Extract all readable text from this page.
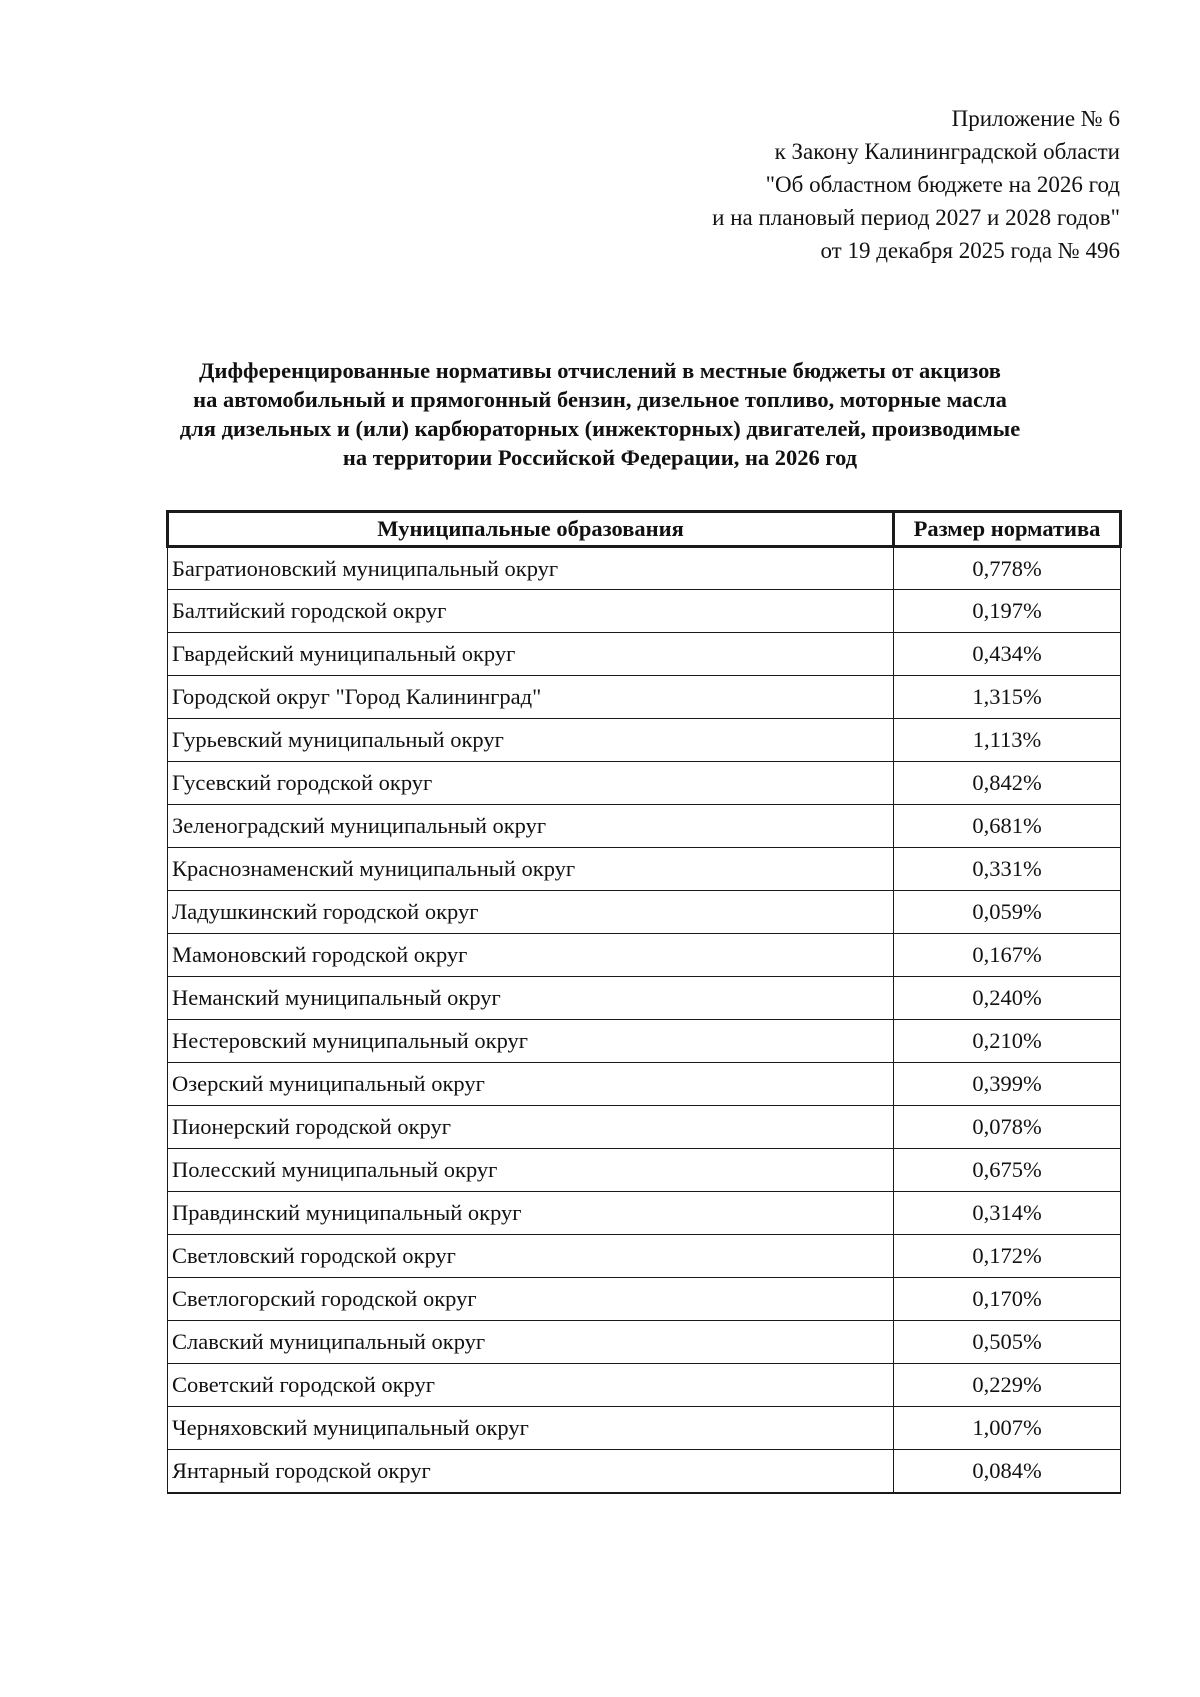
Приложение № 6
к Закону Калининградской области
"Об областном бюджете на 2026 год
и на плановый период 2027 и 2028 годов"
от 19 декабря 2025 года № 496
Дифференцированные нормативы отчислений в местные бюджеты от акцизов
на автомобильный и прямогонный бензин, дизельное топливо, моторные масла
для дизельных и (или) карбюраторных (инжекторных) двигателей, производимые
на территории Российской Федерации, на 2026 год
Муниципальные образования	Размер норматива
Багратионовский муниципальный округ	0,778%
Балтийский городской округ	0,197%
Гвардейский муниципальный округ	0,434%
Городской округ "Город Калининград"	1,315%
Гурьевский муниципальный округ	1,113%
Гусевский городской округ	0,842%
Зеленоградский муниципальный округ	0,681%
Краснознаменский муниципальный округ	0,331%
Ладушкинский городской округ	0,059%
Мамоновский городской округ	0,167%
Неманский муниципальный округ	0,240%
Нестеровский муниципальный округ	0,210%
Озерский муниципальный округ	0,399%
Пионерский городской округ	0,078%
Полесский муниципальный округ	0,675%
Правдинский муниципальный округ	0,314%
Светловский городской округ	0,172%
Светлогорский городской округ	0,170%
Славский муниципальный округ	0,505%
Советский городской округ	0,229%
Черняховский муниципальный округ	1,007%
Янтарный городской округ	0,084%
